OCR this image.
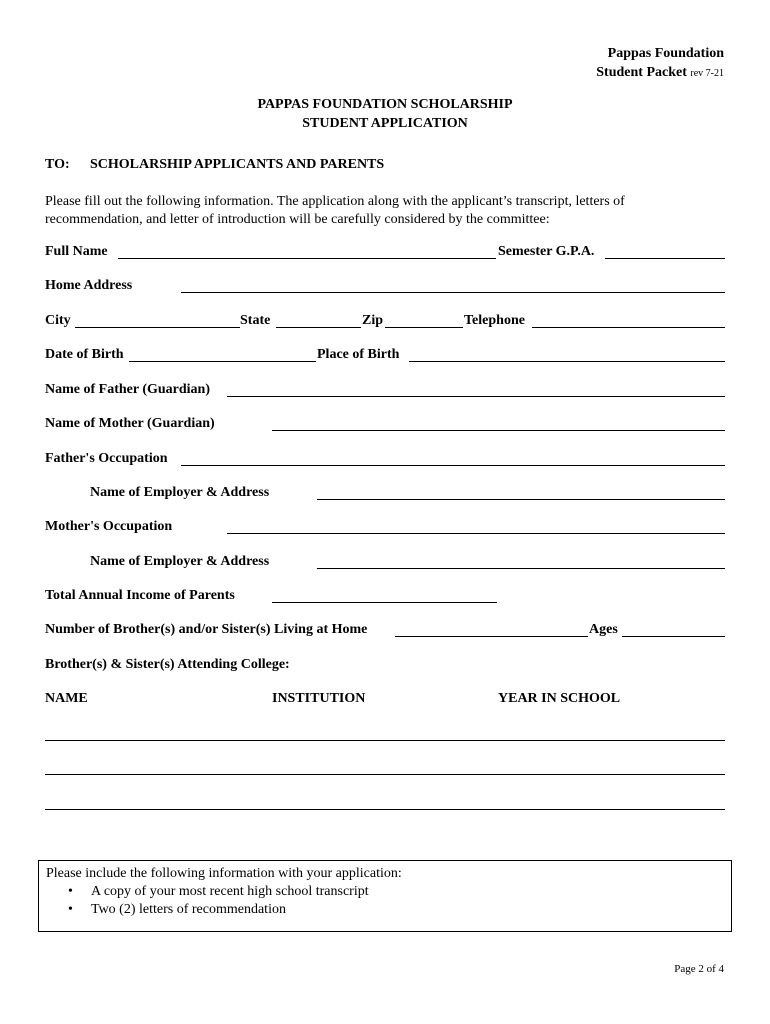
Pappas Foundation
Student Packet rev 7-21
PAPPAS FOUNDATION SCHOLARSHIP
STUDENT APPLICATION
TO: SCHOLARSHIP APPLICANTS AND PARENTS
Please fill out the following information. The application along with the applicant’s transcript, letters of recommendation, and letter of introduction will be carefully considered by the committee:
Full Name	Semester G.P.A.
Home Address
City	State	Zip	Telephone
Date of Birth	Place of Birth
Name of Father (Guardian)
Name of Mother (Guardian)
Father's Occupation
Name of Employer & Address
Mother's Occupation
Name of Employer & Address
Total Annual Income of Parents
Number of Brother(s) and/or Sister(s) Living at Home	Ages
Brother(s) & Sister(s) Attending College:
NAME	INSTITUTION	YEAR IN SCHOOL
Please include the following information with your application:
• A copy of your most recent high school transcript
• Two (2) letters of recommendation
Page 2 of 4
